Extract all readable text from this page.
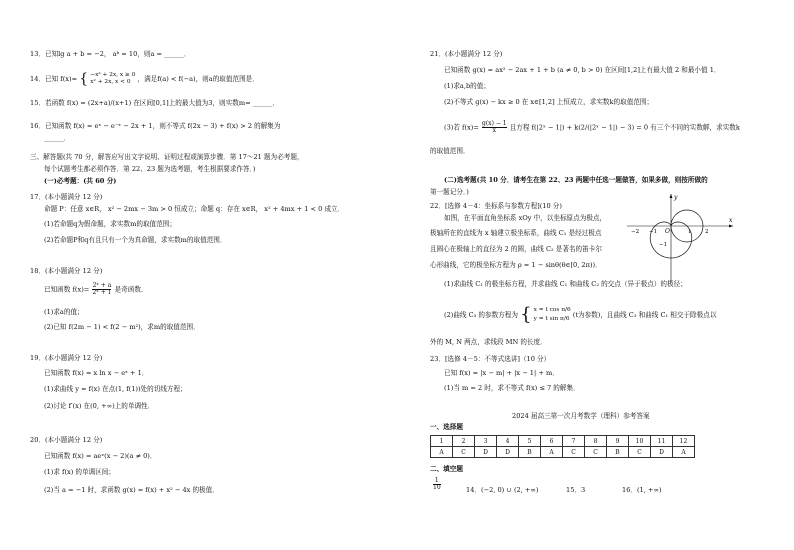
13．已知lg a + b = −2， aᵇ = 10，则a = ______．
14．已知 f(x)= { −x² + 2x, x ≥ 0
x² + 2x, x < 0	，满足f(a) < f(−a)，则a的取值范围是．
15．若函数 f(x) = (2x+a)/(x+1) 在区间[0,1]上的最大值为3，则实数m= ______．
16．已知函数 f(x) = eˣ − e⁻ˣ − 2x + 1，则不等式 f(2x − 3) + f(x) > 2 的解集为
______．
三、解答题(共 70 分，解答应写出文字说明、证明过程或演算步骤．第 17～21 题为必考题，
每个试题考生都必须作答．第 22、23 题为选考题，考生根据要求作答．)
(一)必考题：(共 60 分)
17．(本小题满分 12 分)
命题 P：任意 x∈R， x² − 2mx − 3m > 0 恒成立；命题 q：存在 x∈R， x² + 4mx + 1 < 0 成立．
(1)若命题q为假命题，求实数m的取值范围；
(2)若命题P和q有且只有一个为真命题，求实数m的取值范围．
18．(本小题满分 12 分)
已知函数 $f(x)= \frac{\text{2ˣ + a}}{\text{2ˣ + 1}}$ 是奇函数．
(1)求a的值；
(2)已知 f(2m − 1) < f(2 − m²)，求m的取值范围．
19．(本小题满分 12 分)
已知函数 f(x) = x ln x − eˣ + 1．
(1)求曲线 y = f(x) 在点(1, f(1))处的切线方程；
(2)讨论 f′(x) 在(0, +∞)上的单调性．
20．(本小题满分 12 分)
已知函数 f(x) = aeˣ(x − 2)(a ≠ 0)．
(1)求 f(x) 的单调区间；
(2)当 a = −1 时，求函数 g(x) = f(x) + x² − 4x 的极值．
21．(本小题满分 12 分)
已知函数 g(x) = ax² − 2ax + 1 + b (a ≠ 0, b > 0) 在区间[1,2]上有最大值 2 和最小值 1．
(1)求a,b的值；
(2)不等式 g(x) − kx ≥ 0 在 x∈[1,2] 上恒成立，求实数k的取值范围；
(3)若 $f(x)= \frac{g(x) - 1}{x}$ 且方程 f(|2ˣ − 1|) + k(2/(|2ˣ − 1|) − 3) = 0 有三个不同的实数解，求实数k
的取值范围．
(二)选考题(共 10 分．请考生在第 22、23 两题中任选一题做答，如果多做，则按所做的
第一题记分．)
22．[选修 4－4：坐标系与参数方程](10 分)
如图，在平面直角坐标系 xOy 中，以坐标原点为极点，
极轴所在的直线为 x 轴建立极坐标系，曲线 C₁ 是经过极点
且圆心在极轴上的直径为 2 的圆，曲线 C₂ 是著名的笛卡尔
心形曲线，它的极坐标方程为 ρ = 1 − sinθ(θ∈[0, 2π))．
(1)求曲线 C₁ 的极坐标方程，并求曲线 C₁ 和曲线 C₂ 的交点（异于极点）的极径；
(2)曲线 C₃ 的参数方程为 { x = t cos π/6
y = t sin π/6 (t为参数)，且曲线 C₃ 和曲线 C₁ 相交于除极点以
外的 M, N 两点，求线段 MN 的长度．
23．[选修 4－5：不等式选讲]（10 分）
已知 f(x) = |x − m| + |x − 1| + m．
(1)当 m = 2 时，求不等式 f(x) ≤ 7 的解集．
2024 届高三第一次月考数学（理科）参考答案
一、选择题
1	2	3	4	5	6	7	8	9	10	11	12
A	C	D	D	B	A	C	C	B	C	D	A
二、填空题
$\frac{1}{10}$	14．(−2, 0) ∪ (2, +∞)	15．3	16．(1, +∞)
x
y
O
−2 −1	1 2
−1
